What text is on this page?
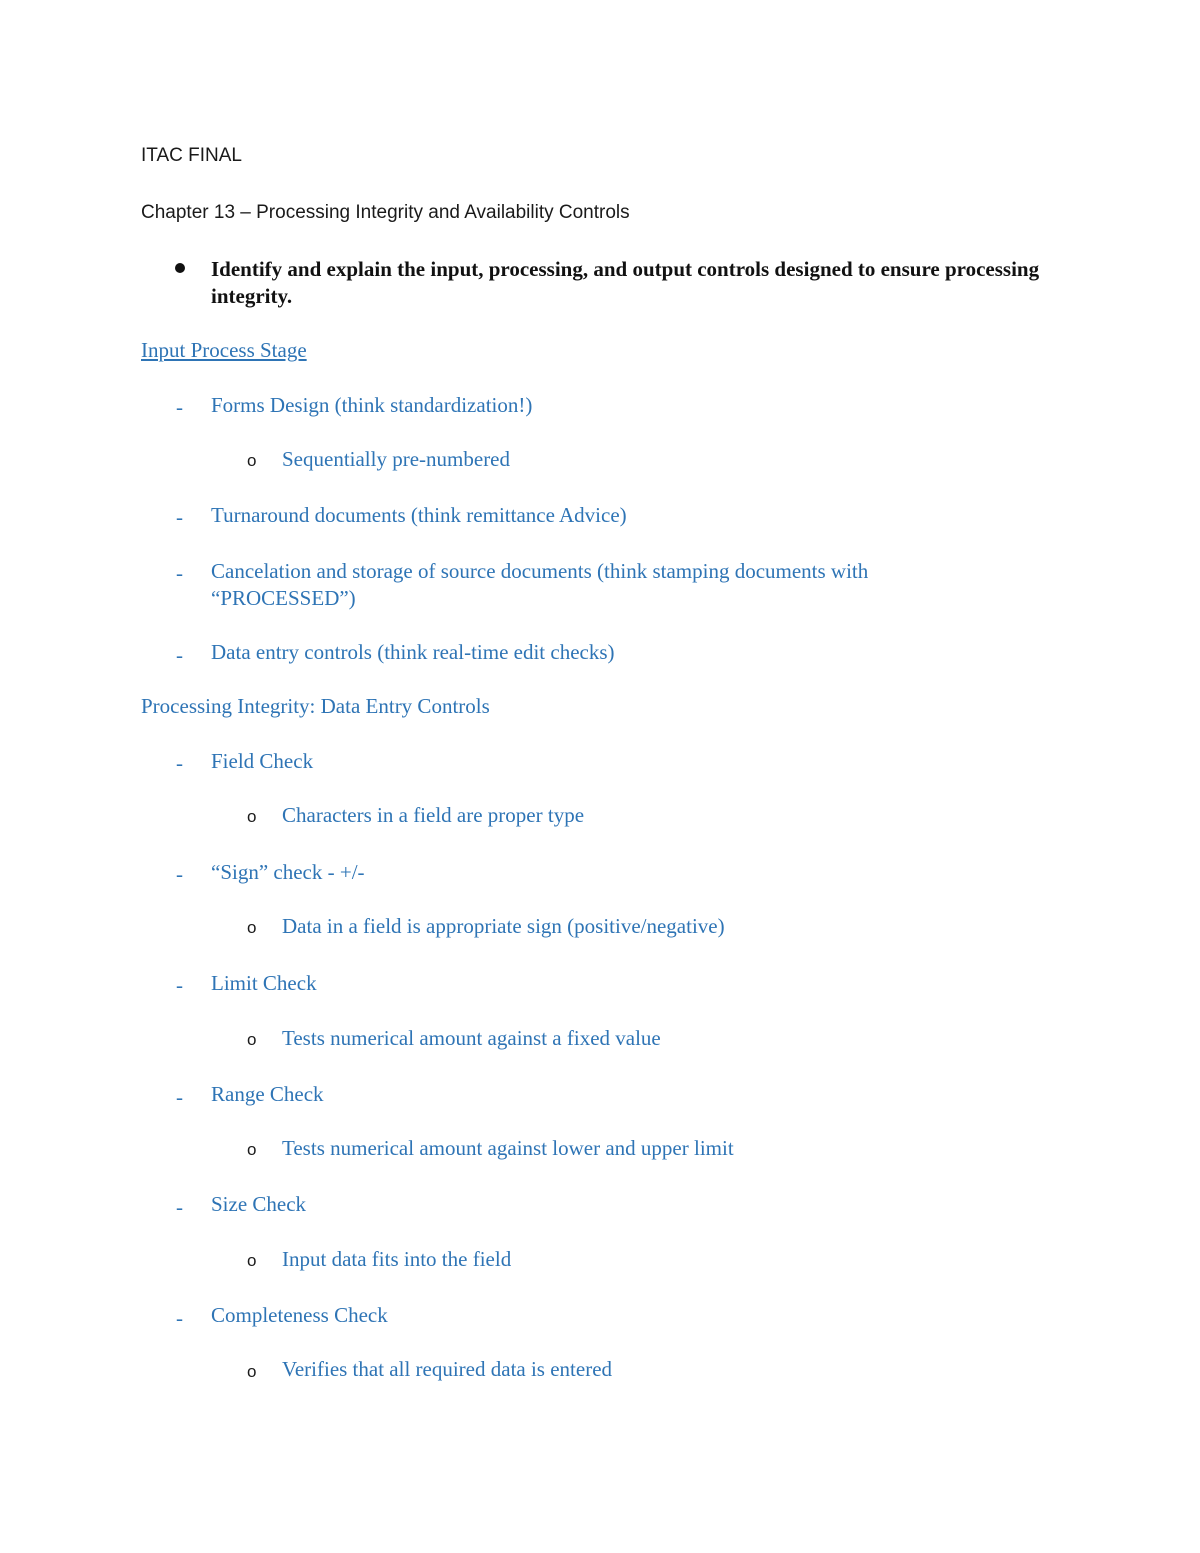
ITAC FINAL
Chapter 13 – Processing Integrity and Availability Controls
Identify and explain the input, processing, and output controls designed to ensure processing integrity.
Input Process Stage
- Forms Design (think standardization!)
o Sequentially pre-numbered
- Turnaround documents (think remittance Advice)
- Cancelation and storage of source documents (think stamping documents with “PROCESSED”)
- Data entry controls (think real-time edit checks)
Processing Integrity: Data Entry Controls
- Field Check
o Characters in a field are proper type
- “Sign” check - +/-
o Data in a field is appropriate sign (positive/negative)
- Limit Check
o Tests numerical amount against a fixed value
- Range Check
o Tests numerical amount against lower and upper limit
- Size Check
o Input data fits into the field
- Completeness Check
o Verifies that all required data is entered
